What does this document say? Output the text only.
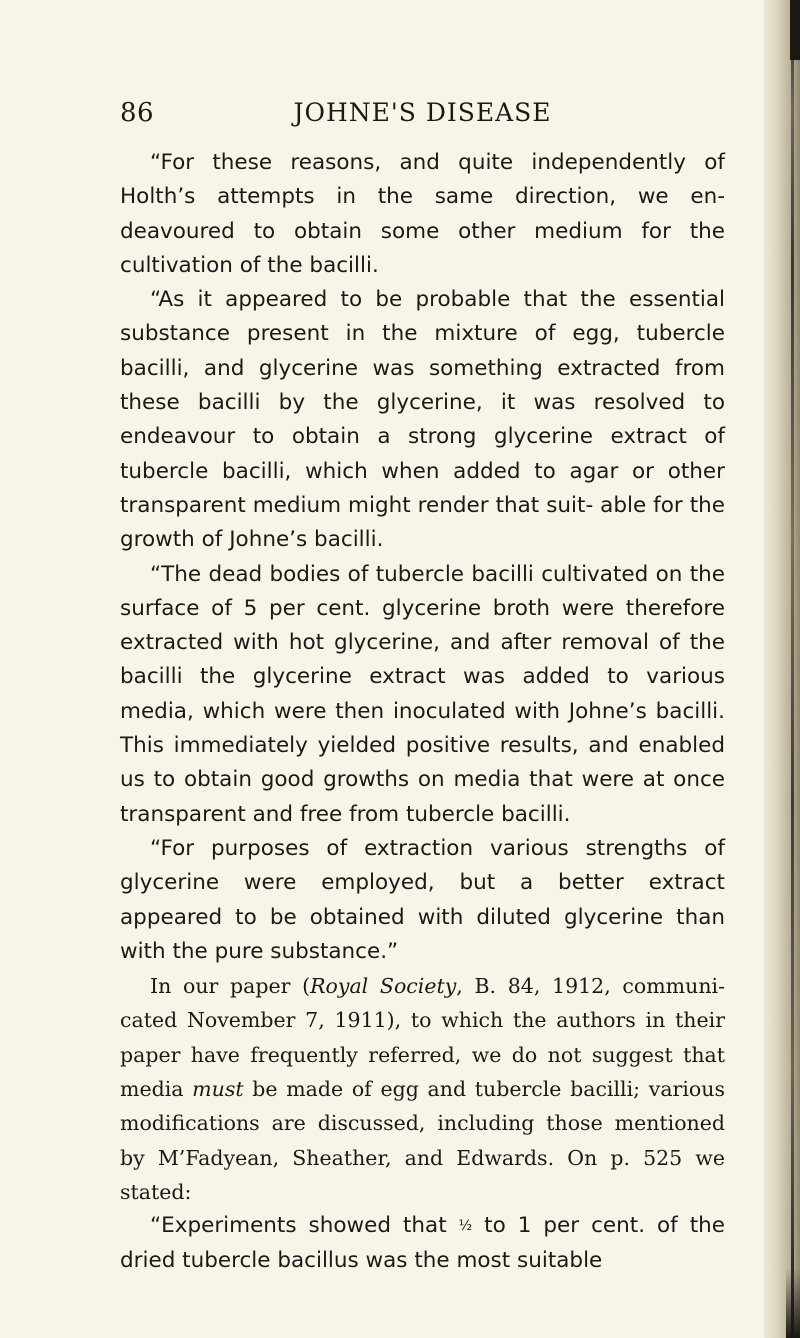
86	JOHNE'S DISEASE

“For these reasons, and quite independently of Holth’s attempts in the same direction, we en- deavoured to obtain some other medium for the cultivation of the bacilli.

“As it appeared to be probable that the essential substance present in the mixture of egg, tubercle bacilli, and glycerine was something extracted from these bacilli by the glycerine, it was resolved to endeavour to obtain a strong glycerine extract of tubercle bacilli, which when added to agar or other transparent medium might render that suit- able for the growth of Johne’s bacilli.

“The dead bodies of tubercle bacilli cultivated on the surface of 5 per cent. glycerine broth were therefore extracted with hot glycerine, and after removal of the bacilli the glycerine extract was added to various media, which were then inoculated with Johne’s bacilli. This immediately yielded positive results, and enabled us to obtain good growths on media that were at once transparent and free from tubercle bacilli.

“For purposes of extraction various strengths of glycerine were employed, but a better extract appeared to be obtained with diluted glycerine than with the pure substance.”

In our paper (Royal Society, B. 84, 1912, communi- cated November 7, 1911), to which the authors in their paper have frequently referred, we do not suggest that media must be made of egg and tubercle bacilli; various modifications are discussed, including those mentioned by M’Fadyean, Sheather, and Edwards. On p. 525 we stated:

“Experiments showed that ½ to 1 per cent. of the dried tubercle bacillus was the most suitable
